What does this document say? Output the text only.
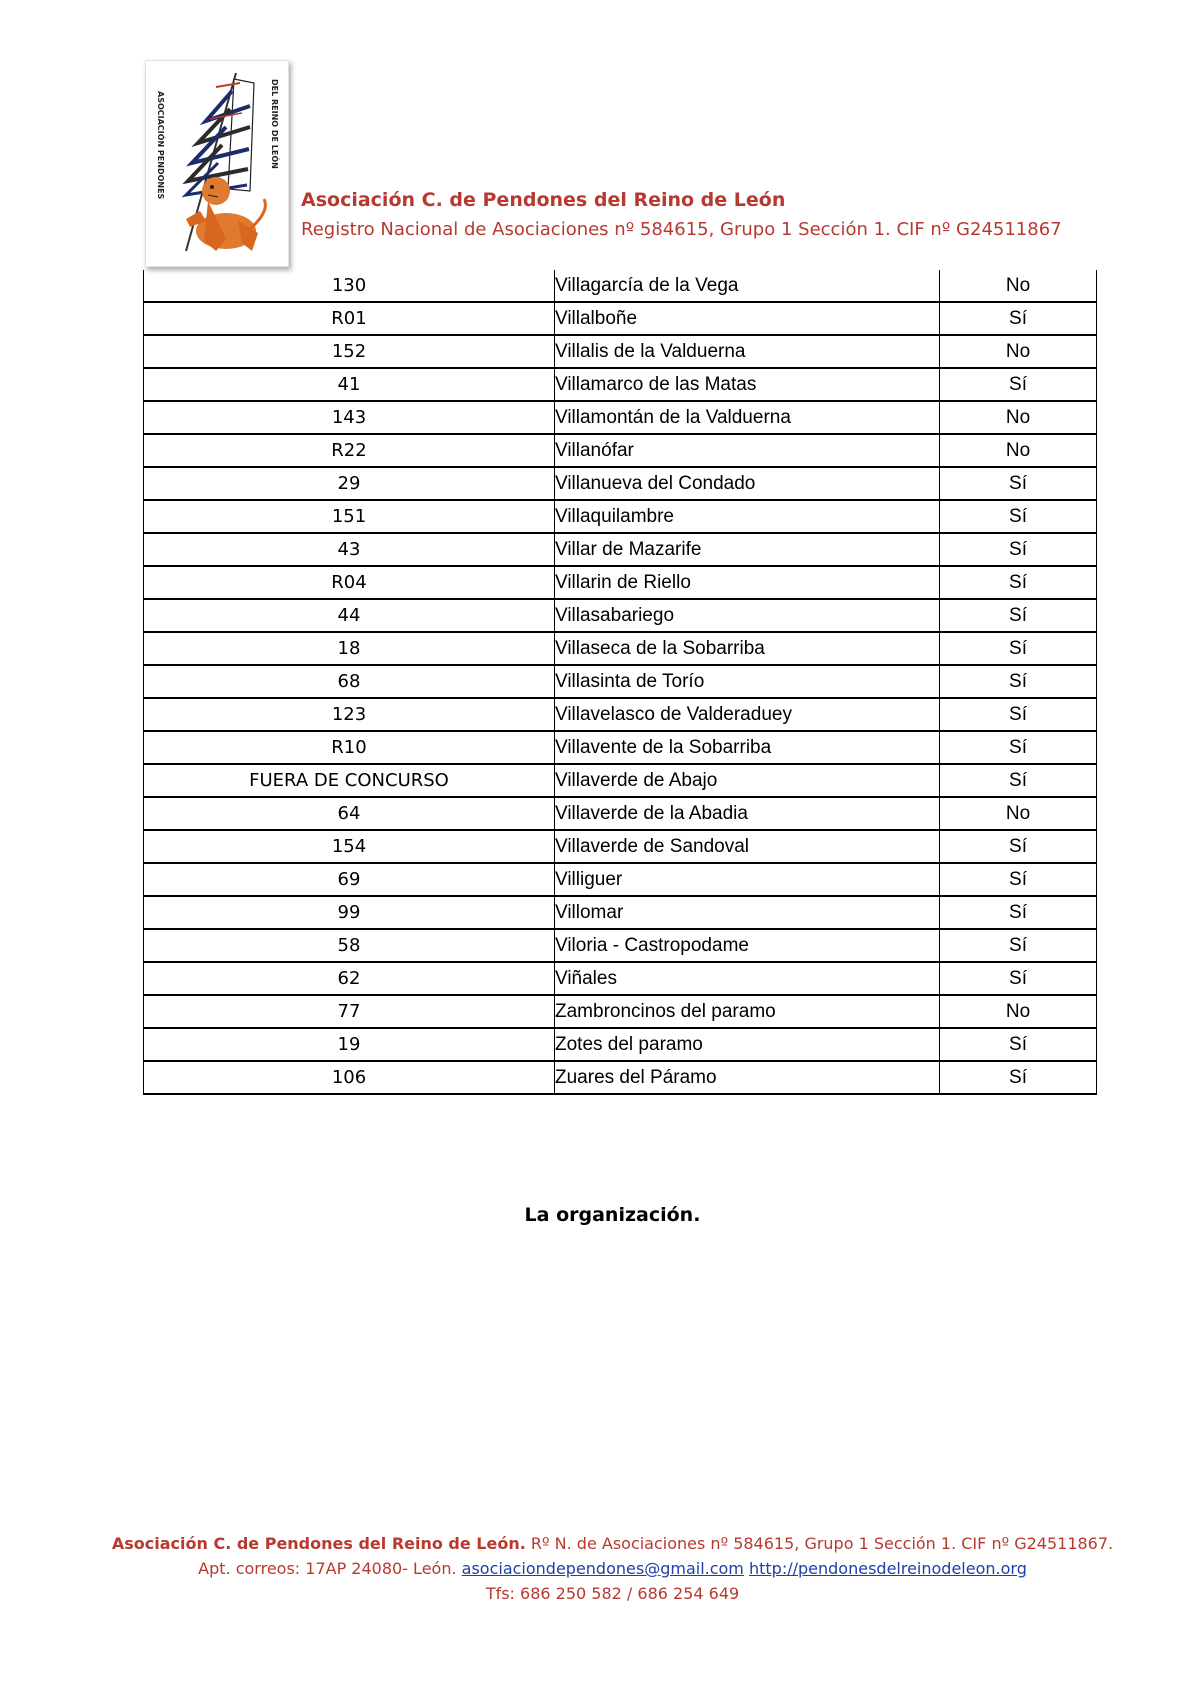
ASOCIACIÓN PENDONES	DEL REINO DE LEÓN
Asociación C. de Pendones del Reino de León
Registro Nacional de Asociaciones nº 584615, Grupo 1 Sección 1. CIF nº G24511867
130	Villagarcía de la Vega	No
R01	Villalboñe	Sí
152	Villalis de la Valduerna	No
41	Villamarco de las Matas	Sí
143	Villamontán de la Valduerna	No
R22	Villanófar	No
29	Villanueva del Condado	Sí
151	Villaquilambre	Sí
43	Villar de Mazarife	Sí
R04	Villarin de Riello	Sí
44	Villasabariego	Sí
18	Villaseca de la Sobarriba	Sí
68	Villasinta de Torío	Sí
123	Villavelasco de Valderaduey	Sí
R10	Villavente de la Sobarriba	Sí
FUERA DE CONCURSO	Villaverde de Abajo	Sí
64	Villaverde de la Abadia	No
154	Villaverde de Sandoval	Sí
69	Villiguer	Sí
99	Villomar	Sí
58	Viloria - Castropodame	Sí
62	Viñales	Sí
77	Zambroncinos del paramo	No
19	Zotes del paramo	Sí
106	Zuares del Páramo	Sí
La organización.
Asociación C. de Pendones del Reino de León. Rº N. de Asociaciones nº 584615, Grupo 1 Sección 1. CIF nº G24511867.
Apt. correos: 17AP 24080- León. asociaciondependones@gmail.com http://pendonesdelreinodeleon.org
Tfs: 686 250 582 / 686 254 649
